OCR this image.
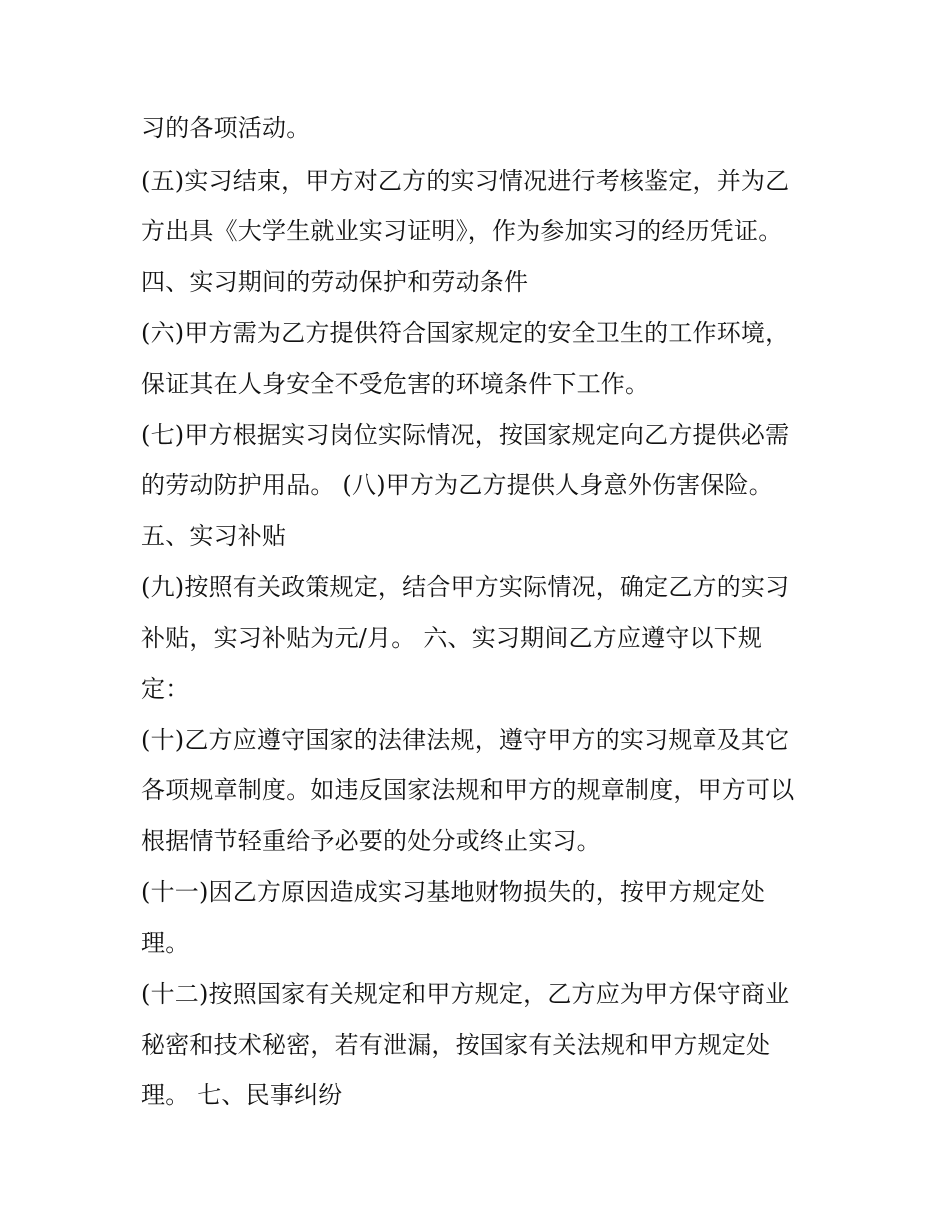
习的各项活动。
(五)实习结束，甲方对乙方的实习情况进行考核鉴定，并为乙
方出具《大学生就业实习证明》，作为参加实习的经历凭证。
四、实习期间的劳动保护和劳动条件
(六)甲方需为乙方提供符合国家规定的安全卫生的工作环境，
保证其在人身安全不受危害的环境条件下工作。
(七)甲方根据实习岗位实际情况，按国家规定向乙方提供必需
的劳动防护用品。 (八)甲方为乙方提供人身意外伤害保险。
五、实习补贴
(九)按照有关政策规定，结合甲方实际情况，确定乙方的实习
补贴，实习补贴为元/月。 六、实习期间乙方应遵守以下规
定：
(十)乙方应遵守国家的法律法规，遵守甲方的实习规章及其它
各项规章制度。如违反国家法规和甲方的规章制度，甲方可以
根据情节轻重给予必要的处分或终止实习。
(十一)因乙方原因造成实习基地财物损失的，按甲方规定处
理。
(十二)按照国家有关规定和甲方规定，乙方应为甲方保守商业
秘密和技术秘密，若有泄漏，按国家有关法规和甲方规定处
理。 七、民事纠纷
